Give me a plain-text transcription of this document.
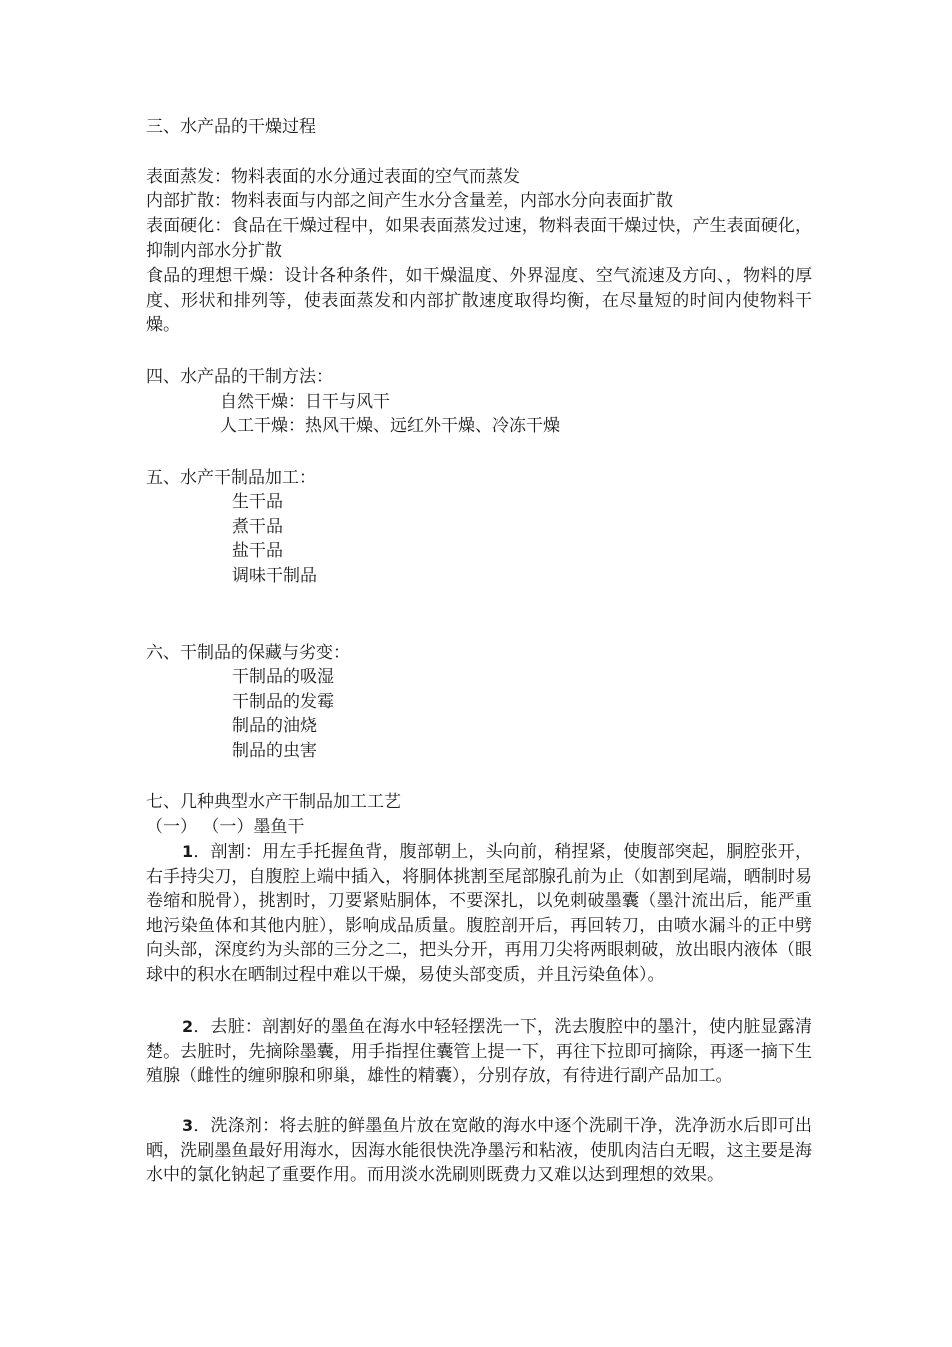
三、水产品的干燥过程
表面蒸发：物料表面的水分通过表面的空气而蒸发
内部扩散：物料表面与内部之间产生水分含量差，内部水分向表面扩散
表面硬化：食品在干燥过程中，如果表面蒸发过速，物料表面干燥过快，产生表面硬化，抑制内部水分扩散
食品的理想干燥：设计各种条件，如干燥温度、外界湿度、空气流速及方向、，物料的厚度、形状和排列等，使表面蒸发和内部扩散速度取得均衡，在尽量短的时间内使物料干燥。
四、水产品的干制方法：
自然干燥：日干与风干
人工干燥：热风干燥、远红外干燥、冷冻干燥
五、水产干制品加工：
生干品
煮干品
盐干品
调味干制品
六、干制品的保藏与劣变：
干制品的吸湿
干制品的发霉
制品的油烧
制品的虫害
七、几种典型水产干制品加工工艺
（一） （一）墨鱼干
1．剖割：用左手托握鱼背，腹部朝上，头向前，稍捏紧，使腹部突起，胴腔张开，右手持尖刀，自腹腔上端中插入，将胴体挑割至尾部腺孔前为止（如割到尾端，晒制时易卷缩和脱骨），挑割时，刀要紧贴胴体，不要深扎，以免刺破墨囊（墨汁流出后，能严重地污染鱼体和其他内脏），影响成品质量。腹腔剖开后，再回转刀，由喷水漏斗的正中劈向头部，深度约为头部的三分之二，把头分开，再用刀尖将两眼刺破，放出眼内液体（眼球中的积水在晒制过程中难以干燥，易使头部变质，并且污染鱼体）。
2．去脏：剖割好的墨鱼在海水中轻轻摆洗一下，洗去腹腔中的墨汁，使内脏显露清楚。去脏时，先摘除墨囊，用手指捏住囊管上提一下，再往下拉即可摘除，再逐一摘下生殖腺（雌性的缠卵腺和卵巢，雄性的精囊），分别存放，有待进行副产品加工。
3．洗涤剂：将去脏的鲜墨鱼片放在宽敞的海水中逐个洗刷干净，洗净沥水后即可出晒，洗刷墨鱼最好用海水，因海水能很快洗净墨污和粘液，使肌肉洁白无暇，这主要是海水中的氯化钠起了重要作用。而用淡水洗刷则既费力又难以达到理想的效果。
